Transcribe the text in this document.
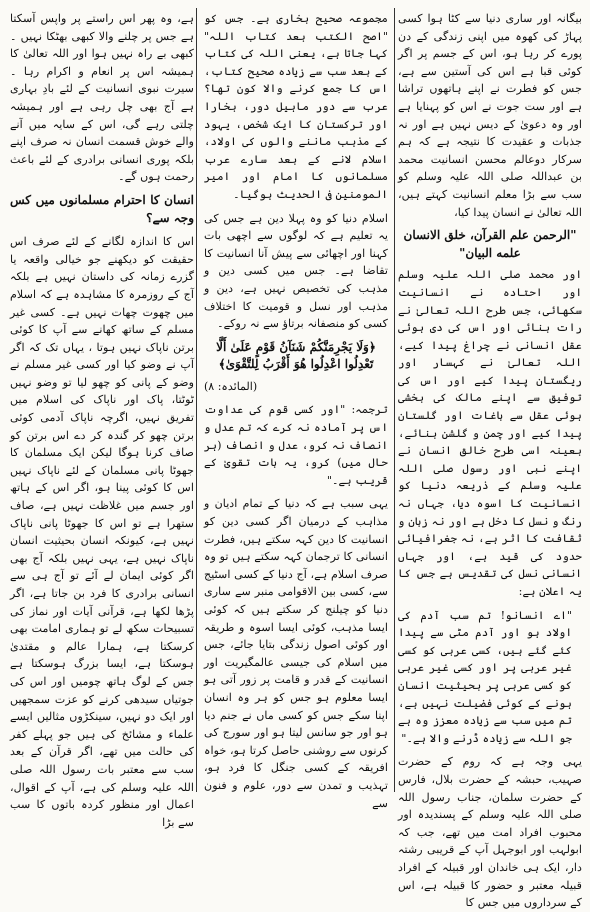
ہے، وہ پھر اس راستے پر واپس آسکتا ہے جس پر چلنے والا کبھی بھٹکا نہیں ۔ کبھی بے راہ نہیں ہوا اور اللہ تعالیٰ کا ہمیشہ اس پر انعام و اکرام رہا ۔ سیرت نبوی انسانیت کے لئے بادِ بہاری ہے آج بھی چل رہی ہے اور ہمیشہ چلتی رہے گی، اس کے سایہ میں آنے والے خوش قسمت انسان نہ صرف اپنے بلکہ پوری انسانی برادری کے لئے باعث رحمت ہوں گے۔

انسان کا احترام مسلمانوں میں کس وجہ سے؟

اس کا اندازہ لگانے کے لئے صرف اس حقیقت کو دیکھنے جو خیالی واقعہ یا گزرے زمانہ کی داستان نہیں ہے بلکہ آج کے روزمرہ کا مشاہدہ ہے کہ اسلام میں چھوت چھات نہیں ہے۔ کسی غیر مسلم کے ساتھ کھانے سے آپ کا کوئی برتن ناپاک نہیں ہوتا ، یہاں تک کہ اگر آپ نے وضو کیا اور کسی غیر مسلم نے وضو کے پانی کو چھو لیا تو وضو نہیں ٹوٹتا، پاک اور ناپاک کی اسلام میں تفریق نہیں، اگرچہ ناپاک آدمی کوئی برتن چھو کر گندہ کر دے اس برتن کو صاف کرنا ہوگا لیکن ایک مسلمان کا جھوٹا پانی مسلمان کے لئے ناپاک نہیں اس کا کوئی پینا ہو، اگر اس کے ہاتھ اور جسم میں غلاظت نہیں ہے، صاف ستھرا ہے تو اس کا جھوٹا پانی ناپاک نہیں ہے، کیونکہ انسان بحیثیت انسان ناپاک نہیں ہے، یہی نہیں بلکہ آج بھی اگر کوئی ایمان لے آئے تو آج ہی سے انسانی برادری کا فرد بن جاتا ہے، اگر پڑھا لکھا ہے، قرآنی آیات اور نماز کی تسبیحات سکھ لے تو ہماری امامت بھی کرسکتا ہے، ہمارا عالم و مقتدیٰ ہوسکتا ہے، ایسا بزرگ ہوسکتا ہے جس کے لوگ ہاتھ چومیں اور اس کی جوتیاں سیدھی کرنے کو عزت سمجھیں اور ایک دو نہیں، سینکڑوں مثالیں ایسے علماء و مشائخ کی ہیں جو پہلے کفر کی حالت میں تھے، اگر قرآن کے بعد سب سے معتبر بات رسول اللہ صلی اللہ علیہ وسلم کی ہے، آپ کے اقوال، اعمال اور منظور کردہ باتوں کا سب سے بڑا

مجموعہ صحیح بخاری ہے۔ جس کو "اصح الکتب بعد کتاب اللہ" کہا جاتا ہے، یعنی اللہ کی کتاب کے بعد سب سے زیادہ صحیح کتاب، اس کا جمع کرنے والا کون تھا؟ عرب سے دور ماہیل دور، بخارا اور ترکستان کا ایک شخص، یہود کے مذہب ماننے والوں کی اولاد، اسلام لانے کے بعد سارے عرب مسلمانوں کا امام اور امیر المومنین فی الحدیث ہوگیا۔

اسلام دنیا کو وہ پہلا دین ہے جس کی یہ تعلیم ہے کہ لوگوں سے اچھی بات کہنا اور اچھائی سے پیش آنا انسانیت کا تقاضا ہے۔ جس میں کسی دین و مذہب کی تخصیص نہیں ہے، دین و مذہب اور نسل و قومیت کا اختلاف کسی کو منصفانہ برتاؤ سے نہ روکے۔

﴿وَلَا يَجْرِمَنَّكُمْ شَنَآنُ قَوْمٍ عَلَىٰ أَلَّا تَعْدِلُوا اعْدِلُوا هُوَ أَقْرَبُ لِلتَّقْوَىٰ﴾
(المائدہ: ۸)

ترجمہ: "اور کسی قوم کی عداوت اس پر آمادہ نہ کرے کہ تم عدل و انصاف نہ کرو، عدل و انصاف (ہر حال میں) کرو، یہ بات تقویٰ کے قریب ہے۔"

یہی سبب ہے کہ دنیا کے تمام ادیان و مذاہب کے درمیان اگر کسی دین کو انسانیت کا دین کہہ سکتے ہیں، فطرت انسانی کا ترجمان کہہ سکتے ہیں تو وہ صرف اسلام ہے، آج دنیا کے کسی اسٹیج سے، کسی بین الاقوامی منبر سے ساری دنیا کو چیلنج کر سکتے ہیں کہ کوئی ایسا مذہب، کوئی ایسا اسوہ و طریقہ اور کوئی اصول زندگی بتایا جائے، جس میں اسلام کی جیسی عالمگیریت اور انسانیت کے قدر و قامت پر زور آتی ہو ایسا معلوم ہو جس کو ہر وہ انسان اپنا سکے جس کو کسی ماں نے جنم دیا ہو اور جو سانس لیتا ہو اور سورج کی کرنوں سے روشنی حاصل کرتا ہو، خواہ افریقہ کے کسی جنگل کا فرد ہو، تہذیب و تمدن سے دور، علوم و فنون سے

بیگانہ اور ساری دنیا سے کٹا ہوا کسی پہاڑ کی کھوہ میں اپنی زندگی کے دن پورے کر رہا ہو، اس کے جسم پر اگر کوئی قبا ہے اس کی آستین سے ہے، جس کو فطرت نے اپنے ہاتھوں تراشا ہے اور ست جوت نے اس کو پہنایا ہے اور وہ دعویٰ کے دیس نہیں ہے اور نہ جذبات و عقیدت کا نتیجہ ہے کہ ہم سرکار دوعالم محسن انسانیت محمد بن عبداللہ صلی اللہ علیہ وسلم کو سب سے بڑا معلم انسانیت کہتے ہیں، اللہ تعالیٰ نے انسان پیدا کیا،

"الرحمن علم القرآن، خلق الانسان علمه البیان"

اور محمد صلی اللہ علیہ وسلم اور احتادہ نے انسانیت سکھائی، جس طرح اللہ تعالیٰ نے رات بنائی اور اس کی دی ہوئی عقل انسانی نے چراغ پیدا کیے، اللہ تعالیٰ نے کہسار اور ریگستان پیدا کیے اور اس کی توفیق سے اپنے مالک کی بخشی ہوئی عقل سے باغات اور گلستان پیدا کیے اور چمن و گلشن بنائے، بعینہ اسی طرح خالق انسان نے اپنے نبی اور رسول صلی اللہ علیہ وسلم کے ذریعہ دنیا کو انسانیت کا اسوہ دیا، جہاں نہ رنگ و نسل کا دخل ہے اور نہ زبان و ثقافت کا اثر ہے، نہ جغرافیائی حدود کی قید ہے، اور جہاں انسانی نسل کی تقدیس ہے جس کا یہ اعلان ہے:

"اے انسانو! تم سب آدم کی اولاد ہو اور آدم مٹی سے پیدا کئے گئے ہیں، کسی عربی کو کسی غیر عربی پر اور کسی غیر عربی کو کسی عربی پر بحیثیت انسان ہونے کے کوئی فضیلت نہیں ہے، تم میں سب سے زیادہ معزز وہ ہے جو اللہ سے زیادہ ڈرنے والا ہے۔"

یہی وجہ ہے کہ روم کے حضرت صہیب، حبشہ کے حضرت بلال، فارس کے حضرت سلمان، جناب رسول اللہ صلی اللہ علیہ وسلم کے پسندیدہ اور محبوب افراد امت میں تھے، جب کہ ابولہب اور ابوجہل آپ کے قریبی رشتہ دار، ایک ہی خاندان اور قبیلہ کے افراد قبیلہ معتبر و حضور کا قبیلہ ہے، اس کے سرداروں میں جس کا
